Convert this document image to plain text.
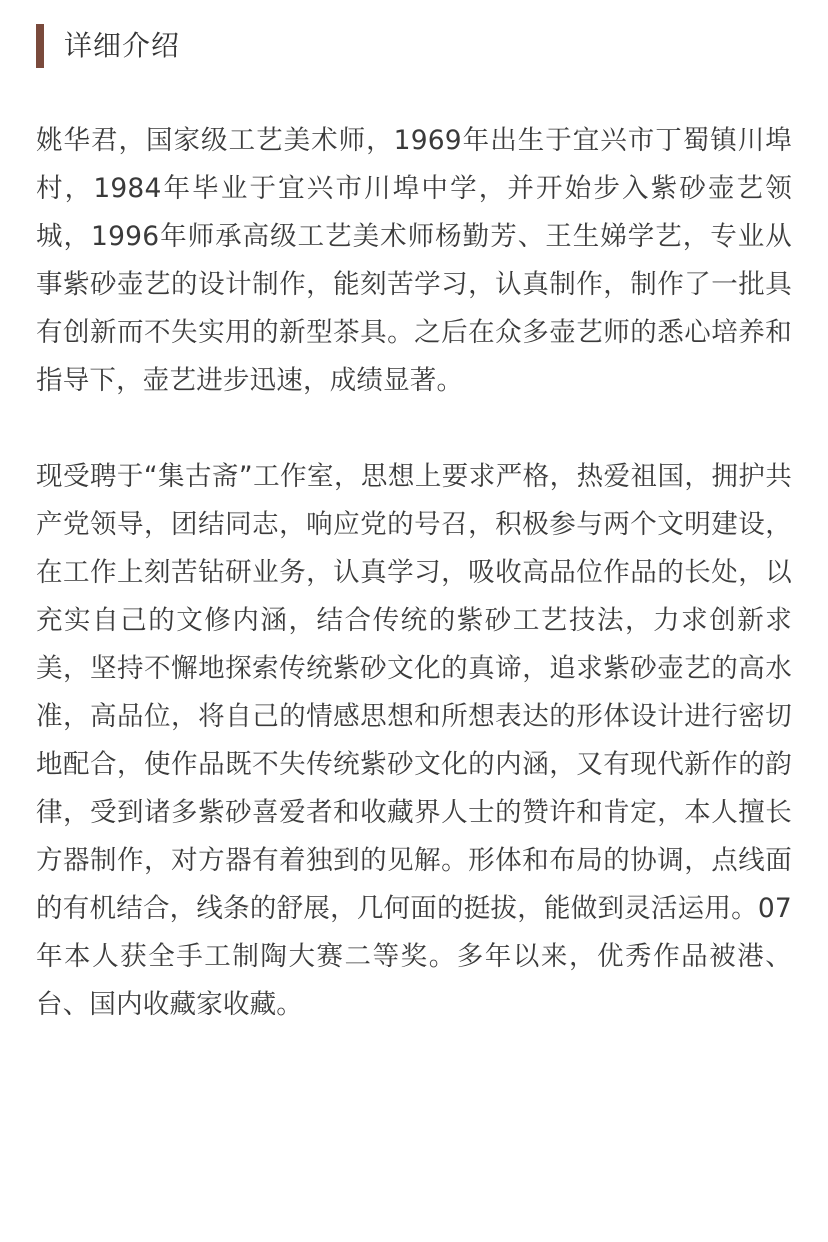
详细介绍

姚华君，国家级工艺美术师，1969年出生于宜兴市丁蜀镇川埠村，1984年毕业于宜兴市川埠中学，并开始步入紫砂壶艺领城，1996年师承高级工艺美术师杨勤芳、王生娣学艺，专业从事紫砂壶艺的设计制作，能刻苦学习，认真制作，制作了一批具有创新而不失实用的新型茶具。之后在众多壶艺师的悉心培养和指导下，壶艺进步迅速，成绩显著。

现受聘于“集古斋”工作室，思想上要求严格，热爱祖国，拥护共产党领导，团结同志，响应党的号召，积极参与两个文明建设，在工作上刻苦钻研业务，认真学习，吸收高品位作品的长处，以充实自己的文修内涵，结合传统的紫砂工艺技法，力求创新求美，坚持不懈地探索传统紫砂文化的真谛，追求紫砂壶艺的高水准，高品位，将自己的情感思想和所想表达的形体设计进行密切地配合，使作品既不失传统紫砂文化的内涵，又有现代新作的韵律，受到诸多紫砂喜爱者和收藏界人士的赞许和肯定，本人擅长方器制作，对方器有着独到的见解。形体和布局的协调，点线面的有机结合，线条的舒展，几何面的挺拔，能做到灵活运用。07年本人获全手工制陶大赛二等奖。多年以来，优秀作品被港、台、国内收藏家收藏。
